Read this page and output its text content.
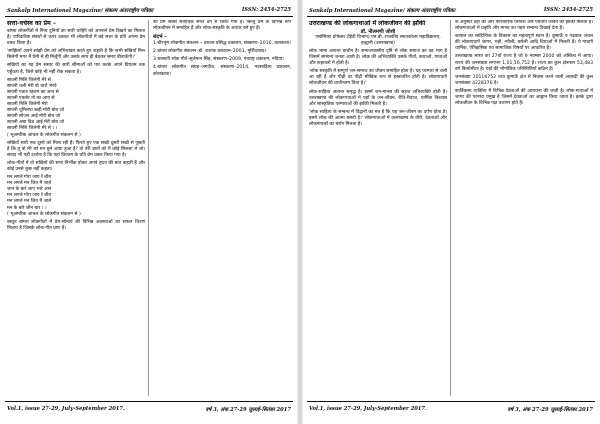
Sankalp International Magazine/ संकल्प अंतरराष्ट्रीय पत्रिका	ISSN: 2454-2725
सत्ता-वर्चस्व का प्रेम –

बांग्ला लोकगीतों में नित्य दुनियाँ का सारी चाहिएँ को अपनाने प्रेम दिखने का मिलता है। पारिवारिक संबंधों से ऊपर उठकर भी लोकगीतों में बड़े सत्ता के प्रति अपना प्रेम प्रकट किया है।

'सांझिलों अपने सांझी प्रेम को अभिव्यक्त करते हुए कहती है कि सभी सखियाँ मिल सिलेगी मगर मैं प्रेमी से ही मिलूँगी और उसके साथ ही बैठकर समय बीताऊँगी।'

सखियों का यह प्रेम संसार की सारी सीमाओं को पार करके अपने प्रियतम तक पहुँचता है, जिसे कोई भी नहीं रोक सकता है।

सावनी मिलि जिलेगी मेरे से
सावनी चली मेरी वो चारों भेरवे
सावनी एकत्र रहलम का आन से
सावनी एकबेर तो का आय से
सावनी मिलि जिलेगी मेरो
सावनी धूमिलपा खड़ी मोरी बोब जो
सावनी सोजन आई मोरी बोब जो
सावनी अबा ढिठ आई मेरी बोब जो
सावनी मिलि जिलेगी मेरे से । ।

( भूअमरिक आंचल के लोकगीत संकलन से )

सखियाँ सारी एक दूसरे को मिला रही हैं। फिरते हुए एक सखी दूसरी सखी से पूछती है कि तू वो मेरे को मन छूने आया हुआ है? वो तेरी बातों को मैं कोई सिलसा ले लो। संवाद भी यही दर्शाता है कि यहां प्रियतम के प्रति प्रेम प्रकट किया गया है।

लोक-गीतों में वो सखियों की सभा निर्भीक होकर अपने हृदय की बात कहती हैं और कोई उनसे कुछ नहीं कहता।

मन लगले गोरा जाय रे बीरा
मन लगले मन जिव मैं जाले
जान के बारे जाए भारे आन
मन लगले गोरा जाय रे बीरा
मन लगले मन जिव मैं जाले
मन के बारे जीन बार । ।

( भूअमरिक आंचल के लोकगीत संकलन से )

वस्तुत बांग्ला लोकगीतों में प्रेम-सौन्दर्य की विभिन्न अवस्थाओं का सफल चित्रण मिलता है जिसके लोक-गीत प्राण हैं।

का प्रेम सबसे सर्वाधिक सरल ढंग से किया गया है। किन्तु प्रेम के विभिन्न रूप लोकजीवन में समाहित हैं और लोक-संस्कृति के आधार बने हुए हैं।

संदर्भ –

1.बीरभूम लोकगीत संकलन – दशवत प्रसिद्ध प्रकाशन, संस्करण–2016, कलकत्ता।

2.बांग्ला लोकगीत संकलन–डॉ. शशांक प्रकाशन–2003, मुर्शिदाबाद।

3.बरसाती लोक गीतें–सुलेमान सिंह, संस्करण–2009, नवराष्ट्र प्रकाशन, नदिया।

4.बांग्ला लोकगीत संग्रह–जगदीश, संस्करण–2014, नवसाहित्य प्रकाशन, कोलकाता।

Vol.1, issue 27-29, July-September 2017.	वर्ष 3, अंक 27-29 जुलाई-सितंबर 2017
Sankalp International Magazine/ संकल्प अंतरराष्ट्रीय पत्रिका	ISSN: 2454-2725
उत्तराखण्ड की लोकगाथाओं में लोकजीवन की झाँकी
डॉ. नीलमणी जोशी
एसोसिएट प्रोफेसर (हिंदी विभाग) एम.बी. राजकीय स्नातकोत्तर महाविद्यालय, हल्द्वानी (उत्तराखण्ड)

लोक भाषा अत्यन्त प्राचीन है। समाजशास्त्रीय दृष्टि से लोक समाज का वह भाग है जिसमें सामान्य जनता आती है। लोक की अभिव्यक्ति उसके गीतों, कथाओं, गाथाओं और कहावतों में होती है।

'लोक संस्कृति में सम्पूर्ण जन-समाज का जीवन समाहित होता है। यह परम्परा से चली आ रही है और पीढ़ी दर पीढ़ी मौखिक रूप से हस्तांतरित होती है। लोकगाथाएँ लोकजीवन की प्राचीनतम विधा है।'

लोक-साहित्य अत्यन्त समृद्ध है। इसमें जन-मानस की सहज अभिव्यक्ति होती है। उत्तराखण्ड की लोकगाथाओं में यहाँ के जन-जीवन, रीति-रिवाज, धार्मिक विश्वास और सांस्कृतिक परम्पराओं की झाँकी मिलती है।

'लोक साहित्य के सम्बन्ध में विद्वानों का मत है कि यह जन-जीवन का दर्पण होता है। इसमें लोक की आत्मा बसती है।' लोकगाथाओं में उत्तराखण्ड के वीरों, देवताओं और लोकनायकों का वर्णन मिलता है।

के अनुसार वहाँ की ओर पारिवारिक परिवेश और पर्वतीय जीवन की झाँकी मिलती है। लोकगाथाओं में प्रकृति और मानव का गहरा सम्बन्ध दिखाई देता है।

काफल का साहित्यिक के विकास का महत्वपूर्ण स्थान है। कुमाऊँ व गढ़वाल अंचल की लोकगाथाएँ जागर, भड़ौ, न्यौली, छपेली आदि विधाओं में मिलती हैं। ये गाथाएँ धार्मिक, ऐतिहासिक एवं सामाजिक विषयों पर आधारित हैं।

उत्तराखण्ड भारत का 27वाँ राज्य है जो 9 नवम्बर 2000 को अस्तित्व में आया। राज्य की जनसंख्या लगभग 1,01,16,752 है। राज्य का कुल क्षेत्रफल 53,483 वर्ग किलोमीटर है। यहाँ की भौगोलिक परिस्थितियाँ कठिन हैं।

जनसंख्या 10116752 तथा कुमाऊँ क्षेत्र में निवास करने वाली आबादी की कुल जनसंख्या 4228376 है।

कार्तिकस्य व्यक्तिय में विभिन्न देवताओं की आराधना की जाती है। लोक-गाथाओं में जागर की परम्परा प्रमुख है जिसमें देवताओं का आह्वान किया जाता है। इनके द्वारा लोकजीवन के विभिन्न पक्ष उजागर होते हैं।

Vol.1, issue 27-29, July-September 2017.	वर्ष 3, अंक 27-29 जुलाई-सितंबर 2017
